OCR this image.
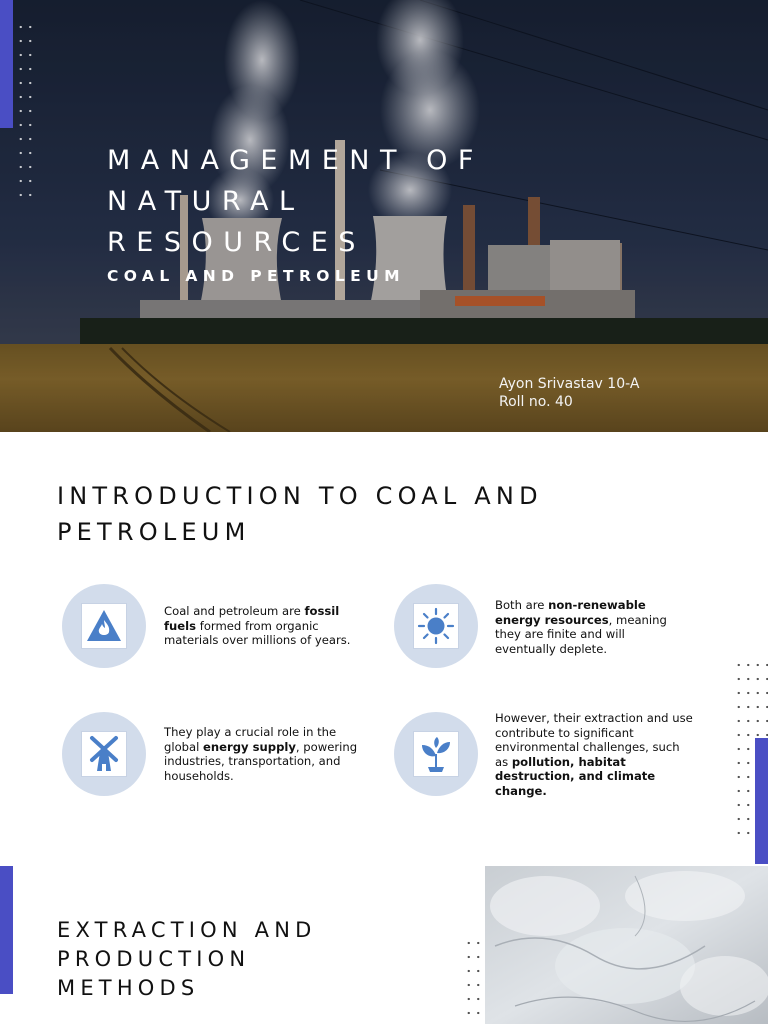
MANAGEMENT OF
NATURAL
RESOURCES
COAL AND PETROLEUM
Ayon Srivastav 10-A
Roll no. 40
INTRODUCTION TO COAL AND
PETROLEUM
Coal and petroleum are fossil fuels formed from organic materials over millions of years.
Both are non-renewable energy resources, meaning they are finite and will eventually deplete.
They play a crucial role in the global energy supply, powering industries, transportation, and households.
However, their extraction and use contribute to significant environmental challenges, such as pollution, habitat destruction, and climate change.
EXTRACTION AND
PRODUCTION
METHODS
